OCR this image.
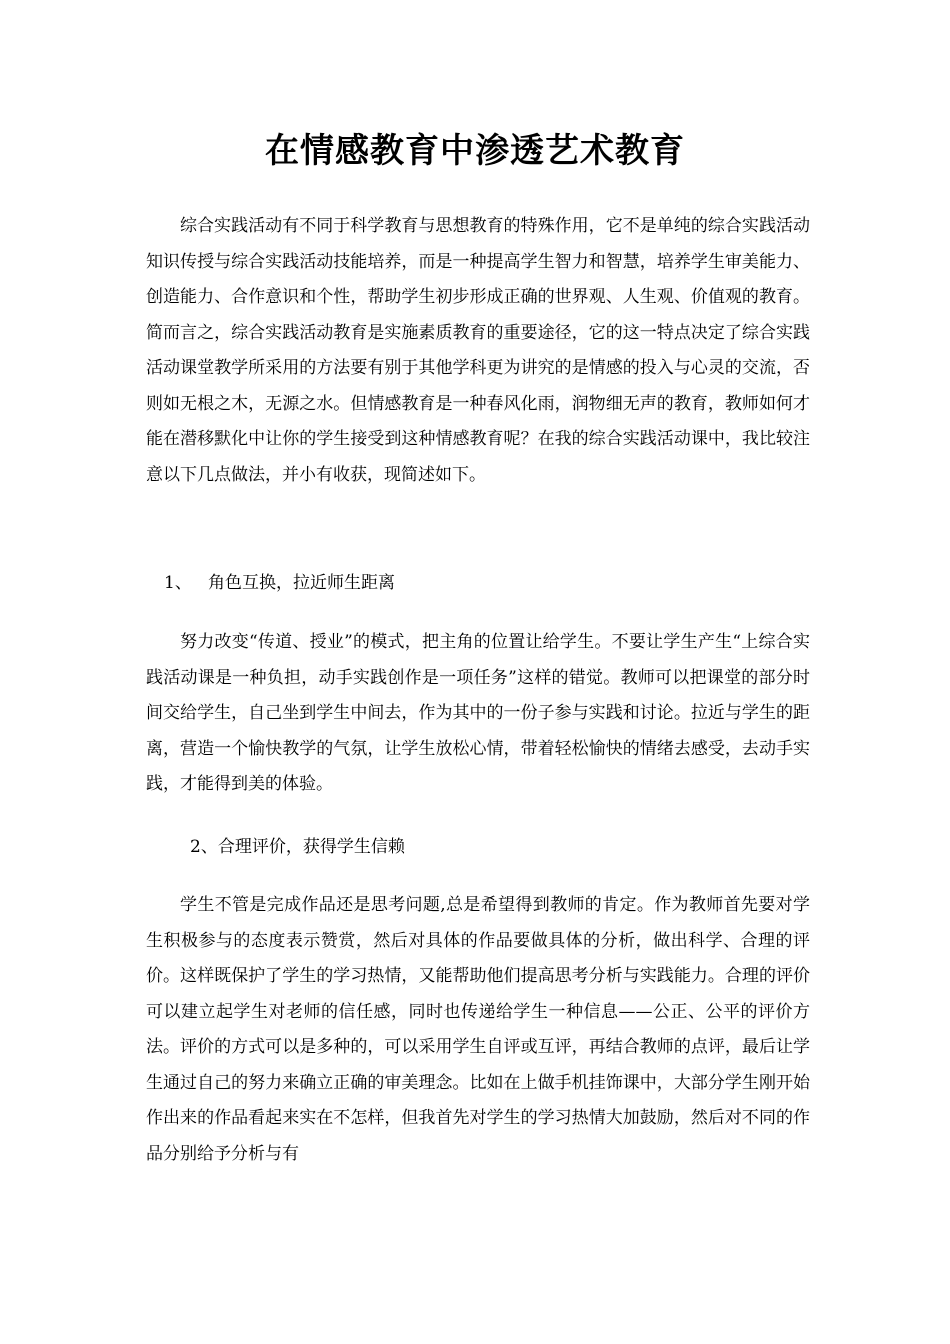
在情感教育中渗透艺术教育

综合实践活动有不同于科学教育与思想教育的特殊作用，它不是单纯的综合实践活动知识传授与综合实践活动技能培养，而是一种提高学生智力和智慧，培养学生审美能力、创造能力、合作意识和个性，帮助学生初步形成正确的世界观、人生观、价值观的教育。简而言之，综合实践活动教育是实施素质教育的重要途径，它的这一特点决定了综合实践活动课堂教学所采用的方法要有别于其他学科更为讲究的是情感的投入与心灵的交流，否则如无根之木，无源之水。但情感教育是一种春风化雨，润物细无声的教育，教师如何才能在潜移默化中让你的学生接受到这种情感教育呢？在我的综合实践活动课中，我比较注意以下几点做法，并小有收获，现简述如下。

1、 角色互换，拉近师生距离

努力改变“传道、授业”的模式，把主角的位置让给学生。不要让学生产生“上综合实践活动课是一种负担，动手实践创作是一项任务”这样的错觉。教师可以把课堂的部分时间交给学生，自己坐到学生中间去，作为其中的一份子参与实践和讨论。拉近与学生的距离，营造一个愉快教学的气氛，让学生放松心情，带着轻松愉快的情绪去感受，去动手实践，才能得到美的体验。

2、合理评价，获得学生信赖

学生不管是完成作品还是思考问题,总是希望得到教师的肯定。作为教师首先要对学生积极参与的态度表示赞赏，然后对具体的作品要做具体的分析，做出科学、合理的评价。这样既保护了学生的学习热情，又能帮助他们提高思考分析与实践能力。合理的评价可以建立起学生对老师的信任感，同时也传递给学生一种信息——公正、公平的评价方法。评价的方式可以是多种的，可以采用学生自评或互评，再结合教师的点评，最后让学生通过自己的努力来确立正确的审美理念。比如在上做手机挂饰课中，大部分学生刚开始作出来的作品看起来实在不怎样，但我首先对学生的学习热情大加鼓励，然后对不同的作品分别给予分析与有
